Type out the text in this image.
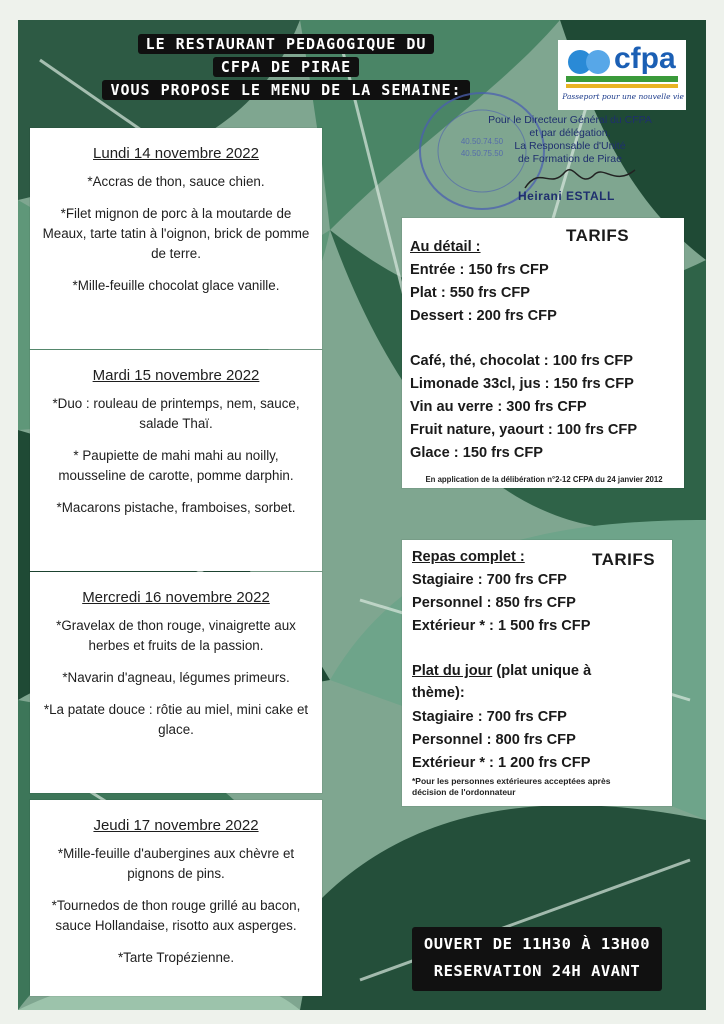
LE RESTAURANT PEDAGOGIQUE DU
CFPA DE PIRAE
VOUS PROPOSE LE MENU DE LA SEMAINE:
cfpa
Passeport pour une nouvelle vie
40.50.74.50
40.50.75.50
Pour le Directeur Général du CFPA
et par délégation,
La Responsable d'Unité
de Formation de Pirae
Heirani ESTALL
Lundi 14 novembre 2022
*Accras de thon, sauce chien.
*Filet mignon de porc à la moutarde de Meaux, tarte tatin à l'oignon, brick de pomme de terre.
*Mille-feuille chocolat glace vanille.
Mardi 15 novembre 2022
*Duo : rouleau de printemps, nem, sauce, salade Thaï.
* Paupiette de mahi mahi au noilly, mousseline de carotte, pomme darphin.
*Macarons pistache, framboises, sorbet.
Mercredi 16 novembre 2022
*Gravelax de thon rouge, vinaigrette aux herbes et fruits de la passion.
*Navarin d'agneau, légumes primeurs.
*La patate douce : rôtie au miel, mini cake et glace.
Jeudi 17 novembre 2022
*Mille-feuille d'aubergines aux chèvre et pignons de pins.
*Tournedos de thon rouge grillé au bacon, sauce Hollandaise, risotto aux asperges.
*Tarte Tropézienne.
TARIFS
Au détail :
Entrée : 150 frs CFP
Plat : 550 frs CFP
Dessert : 200 frs CFP
Café, thé, chocolat : 100 frs CFP
Limonade 33cl, jus : 150 frs CFP
Vin au verre : 300 frs CFP
Fruit nature, yaourt : 100 frs CFP
Glace : 150 frs CFP
En application de la délibération n°2-12 CFPA du 24 janvier 2012
TARIFS
Repas complet :
Stagiaire : 700 frs CFP
Personnel : 850 frs CFP
Extérieur * : 1 500 frs CFP
Plat du jour (plat unique à thème):
Stagiaire : 700 frs CFP
Personnel : 800 frs CFP
Extérieur * : 1 200 frs CFP
*Pour les personnes extérieures acceptées après décision de l'ordonnateur
OUVERT DE 11H30 À 13H00
RESERVATION 24H AVANT
